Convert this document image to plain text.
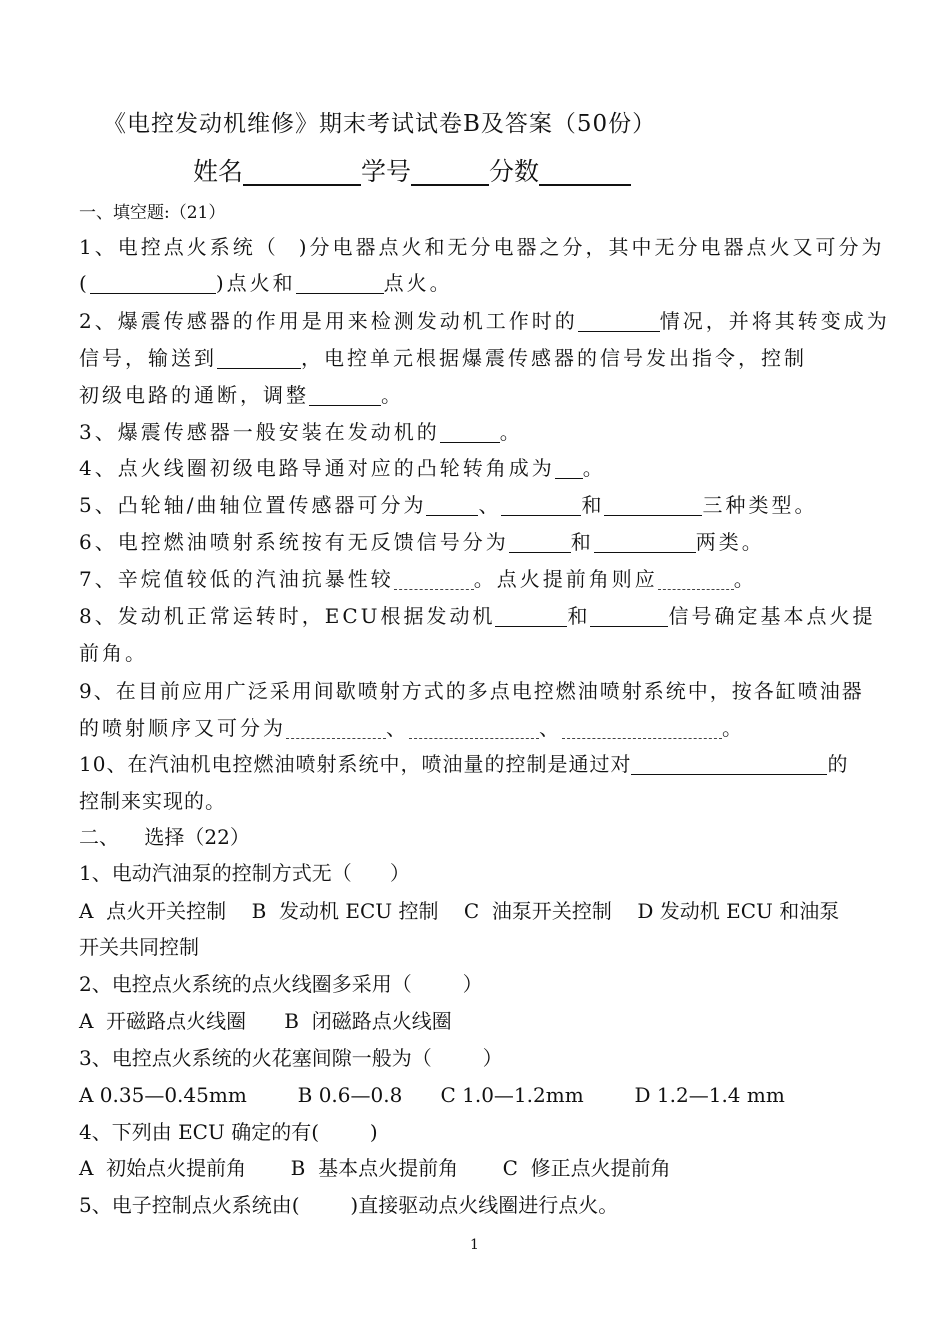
《电控发动机维修》期末考试试卷B及答案（50份）
姓名	学号	分数
一、填空题:（21）
1、电控点火系统（ )分电器点火和无分电器之分，其中无分电器点火又可分为
(	)点火和	点火。
2、爆震传感器的作用是用来检测发动机工作时的	情况，并将其转变成为
信号，输送到	，电控单元根据爆震传感器的信号发出指令，控制
初级电路的通断，调整	。
3、爆震传感器一般安装在发动机的	。
4、点火线圈初级电路导通对应的凸轮转角成为 。
5、凸轮轴/曲轴位置传感器可分为	、	和	三种类型。
6、电控燃油喷射系统按有无反馈信号分为	和	两类。
7、辛烷值较低的汽油抗暴性较	。点火提前角则应	。
8、发动机正常运转时，ECU根据发动机	和	信号确定基本点火提
前角。
9、在目前应用广泛采用间歇喷射方式的多点电控燃油喷射系统中，按各缸喷油器
的喷射顺序又可分为	、	、	。
10、在汽油机电控燃油喷射系统中，喷油量的控制是通过对	的
控制来实现的。
二、    选择（22）
1、电动汽油泵的控制方式无（      ）
A  点火开关控制    B  发动机 ECU 控制    C  油泵开关控制    D 发动机 ECU 和油泵
开关共同控制
2、电控点火系统的点火线圈多采用（        ）
A  开磁路点火线圈      B  闭磁路点火线圈
3、电控点火系统的火花塞间隙一般为（        ）
A 0.35—0.45mm        B 0.6—0.8      C 1.0—1.2mm        D 1.2—1.4 mm
4、下列由 ECU 确定的有(        )
A  初始点火提前角       B  基本点火提前角       C  修正点火提前角
5、电子控制点火系统由(        )直接驱动点火线圈进行点火。
1
